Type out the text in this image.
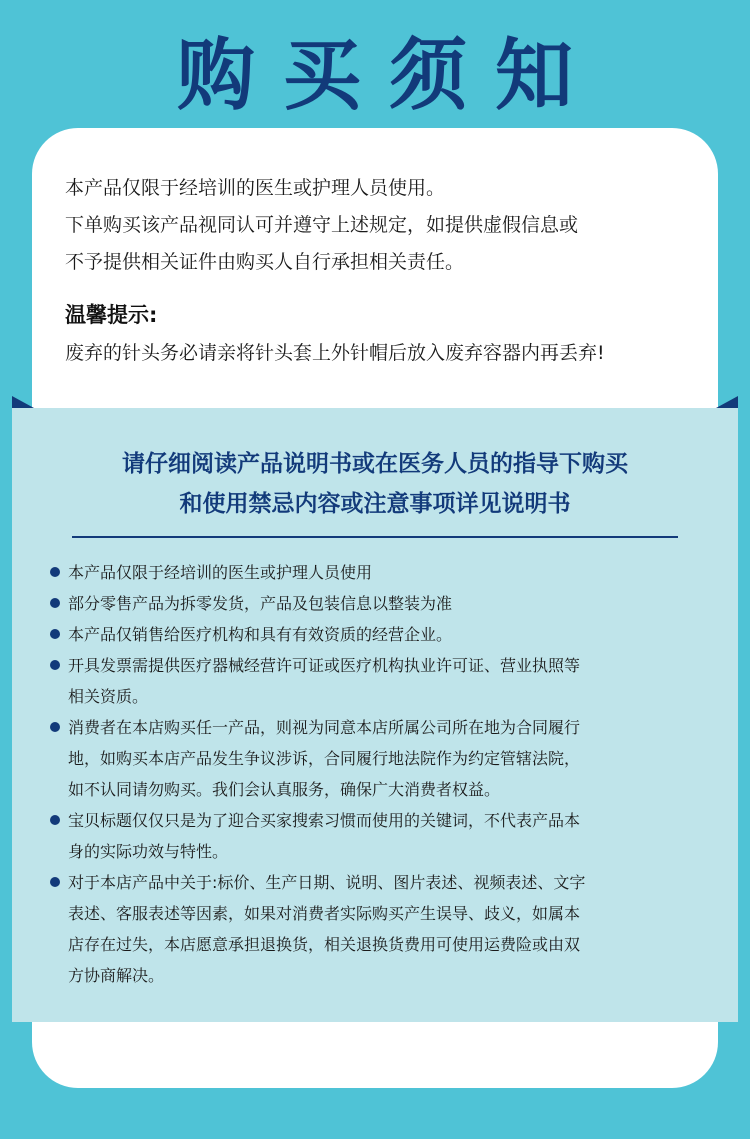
购买须知

本产品仅限于经培训的医生或护理人员使用。

下单购买该产品视同认可并遵守上述规定，如提供虚假信息或

不予提供相关证件由购买人自行承担相关责任。

温馨提示:
废弃的针头务必请亲将针头套上外针帽后放入废弃容器内再丢弃!
请仔细阅读产品说明书或在医务人员的指导下购买
和使用禁忌内容或注意事项详见说明书
本产品仅限于经培训的医生或护理人员使用
部分零售产品为拆零发货，产品及包装信息以整装为准
本产品仅销售给医疗机构和具有有效资质的经营企业。
开具发票需提供医疗器械经营许可证或医疗机构执业许可证、营业执照等
相关资质。
消费者在本店购买任一产品，则视为同意本店所属公司所在地为合同履行
地，如购买本店产品发生争议涉诉，合同履行地法院作为约定管辖法院，
如不认同请勿购买。我们会认真服务，确保广大消费者权益。
宝贝标题仅仅只是为了迎合买家搜索习惯而使用的关键词，不代表产品本
身的实际功效与特性。
对于本店产品中关于:标价、生产日期、说明、图片表述、视频表述、文字
表述、客服表述等因素，如果对消费者实际购买产生误导、歧义，如属本
店存在过失，本店愿意承担退换货，相关退换货费用可使用运费险或由双
方协商解决。
